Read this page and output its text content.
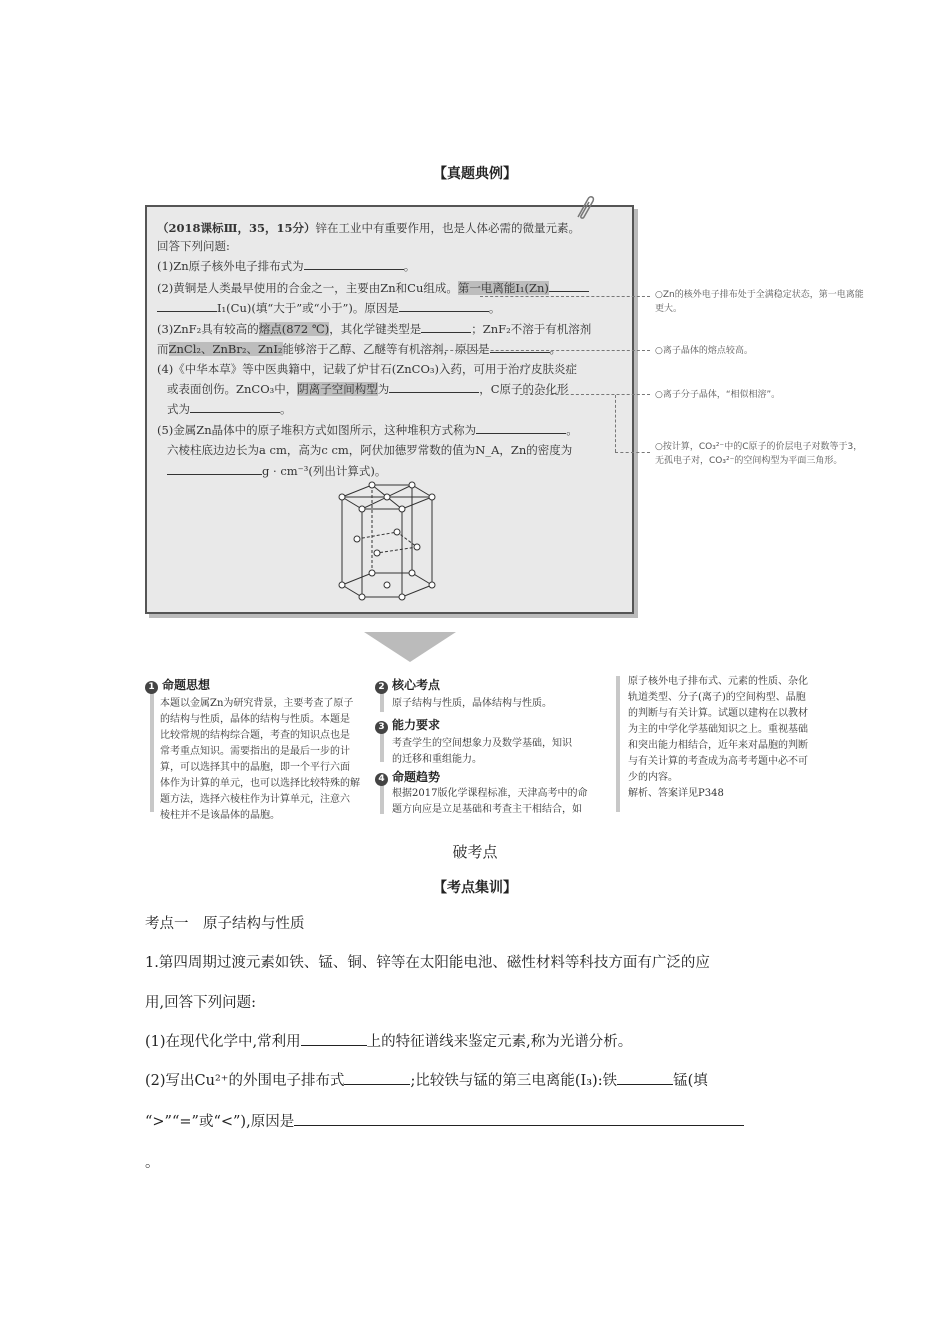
【真题典例】
（2018课标Ⅲ，35，15分）锌在工业中有重要作用，也是人体必需的微量元素。
回答下列问题:
(1)Zn原子核外电子排布式为	。
(2)黄铜是人类最早使用的合金之一，主要由Zn和Cu组成。第一电离能I₁(Zn)
I₁(Cu)(填“大于”或“小于”)。原因是	。
(3)ZnF₂具有较高的熔点(872 ℃)，其化学键类型是	；ZnF₂不溶于有机溶剂
而ZnCl₂、ZnBr₂、ZnI₂能够溶于乙醇、乙醚等有机溶剂，原因是	。
(4)《中华本草》等中医典籍中，记载了炉甘石(ZnCO₃)入药，可用于治疗皮肤炎症
或表面创伤。ZnCO₃中，阴离子空间构型为	，C原子的杂化形
式为	。
(5)金属Zn晶体中的原子堆积方式如图所示，这种堆积方式称为	。
六棱柱底边边长为a cm，高为c cm，阿伏加德罗常数的值为N_A，Zn的密度为
g · cm⁻³(列出计算式)。
○Zn的核外电子排布处于全满稳定状态，第一电离能更大。
○离子晶体的熔点较高。
○离子分子晶体，“相似相溶”。
○按计算，CO₃²⁻中的C原子的价层电子对数等于3，无孤电子对，CO₃²⁻的空间构型为平面三角形。
1 命题思想
本题以金属Zn为研究背景，主要考查了原子
的结构与性质，晶体的结构与性质。本题是
比较常规的结构综合题，考查的知识点也是
常考重点知识。需要指出的是最后一步的计
算，可以选择其中的晶胞，即一个平行六面
体作为计算的单元，也可以选择比较特殊的解
题方法，选择六棱柱作为计算单元，注意六
棱柱并不是该晶体的晶胞。
2 核心考点
原子结构与性质，晶体结构与性质。
3 能力要求
考查学生的空间想象力及数学基础，知识
的迁移和重组能力。
4 命题趋势
根据2017版化学课程标准，天津高考中的命
题方向应是立足基础和考查主干相结合，如
原子核外电子排布式、元素的性质、杂化
轨道类型、分子(离子)的空间构型、晶胞
的判断与有关计算。试题以建构在以教材
为主的中学化学基础知识之上。重视基础
和突出能力相结合，近年来对晶胞的判断
与有关计算的考查成为高考考题中必不可
少的内容。
解析、答案详见P348
破考点
【考点集训】
考点一　原子结构与性质
1.第四周期过渡元素如铁、锰、铜、锌等在太阳能电池、磁性材料等科技方面有广泛的应
用,回答下列问题:
(1)在现代化学中,常利用	上的特征谱线来鉴定元素,称为光谱分析。
(2)写出Cu²⁺的外围电子排布式	;比较铁与锰的第三电离能(I₃):铁	锰(填
“>”“=”或“<”),原因是
。
